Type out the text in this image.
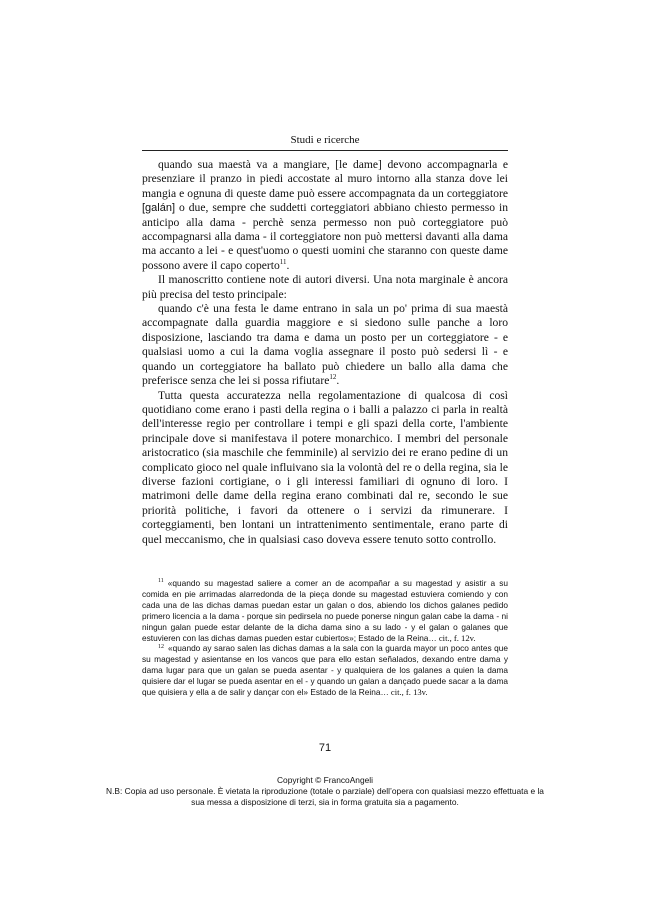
Studi e ricerche

quando sua maestà va a mangiare, [le dame] devono accompagnarla e presenziare il pranzo in piedi accostate al muro intorno alla stanza dove lei mangia e ognuna di queste dame può essere accompagnata da un corteggiatore [galán] o due, sempre che suddetti corteggiatori abbiano chiesto permesso in anticipo alla dama - perchè senza permesso non può corteggiatore può accompagnarsi alla dama - il corteggiatore non può mettersi davanti alla dama ma accanto a lei - e quest'uomo o questi uomini che staranno con queste dame possono avere il capo coperto$^{11}$.

Il manoscritto contiene note di autori diversi. Una nota marginale è ancora più precisa del testo principale:

quando c'è una festa le dame entrano in sala un po' prima di sua maestà accompagnate dalla guardia maggiore e si siedono sulle panche a loro disposizione, lasciando tra dama e dama un posto per un corteggiatore - e qualsiasi uomo a cui la dama voglia assegnare il posto può sedersi lì - e quando un corteggiatore ha ballato può chiedere un ballo alla dama che preferisce senza che lei si possa rifiutare$^{12}$.

Tutta questa accuratezza nella regolamentazione di qualcosa di così quotidiano come erano i pasti della regina o i balli a palazzo ci parla in realtà dell'interesse regio per controllare i tempi e gli spazi della corte, l'ambiente principale dove si manifestava il potere monarchico. I membri del personale aristocratico (sia maschile che femminile) al servizio dei re erano pedine di un complicato gioco nel quale influivano sia la volontà del re o della regina, sia le diverse fazioni cortigiane, o i gli interessi familiari di ognuno di loro. I matrimoni delle dame della regina erano combinati dal re, secondo le sue priorità politiche, i favori da ottenere o i servizi da rimunerare. I corteggiamenti, ben lontani un intrattenimento sentimentale, erano parte di quel meccanismo, che in qualsiasi caso doveva essere tenuto sotto controllo.

$^{11}$ «quando su magestad saliere a comer an de acompañar a su magestad y asistir a su comida en pie arrimadas alarredonda de la pieça donde su magestad estuviera comiendo y con cada una de las dichas damas puedan estar un galan o dos, abiendo los dichos galanes pedido primero licencia a la dama - porque sin pedirsela no puede ponerse ningun galan cabe la dama - ni ningun galan puede estar delante de la dicha dama sino a su lado - y el galan o galanes que estuvieren con las dichas damas pueden estar cubiertos»; Estado de la Reina… cit., f. 12v.

$^{12}$ «quando ay sarao salen las dichas damas a la sala con la guarda mayor un poco antes que su magestad y asientanse en los vancos que para ello estan señalados, dexando entre dama y dama lugar para que un galan se pueda asentar - y qualquiera de los galanes a quien la dama quisiere dar el lugar se pueda asentar en el - y quando un galan a dançado puede sacar a la dama que quisiera y ella a de salir y dançar con el» Estado de la Reina… cit., f. 13v.

71
Copyright © FrancoAngeli
N.B: Copia ad uso personale. È vietata la riproduzione (totale o parziale) dell’opera con qualsiasi mezzo effettuata e la sua messa a disposizione di terzi, sia in forma gratuita sia a pagamento.
